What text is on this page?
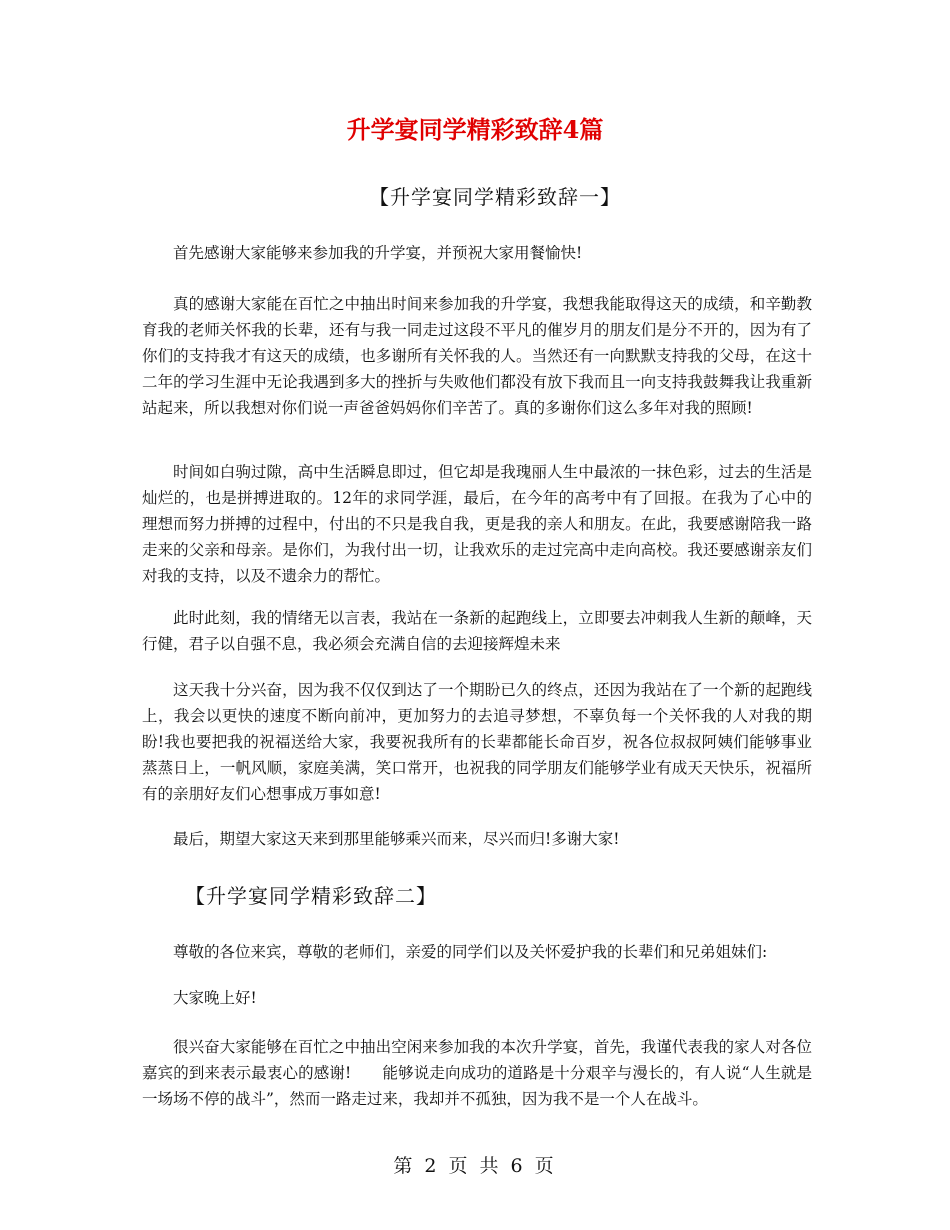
升学宴同学精彩致辞4篇
【升学宴同学精彩致辞一】

首先感谢大家能够来参加我的升学宴，并预祝大家用餐愉快!

真的感谢大家能在百忙之中抽出时间来参加我的升学宴，我想我能取得这天的成绩，和辛勤教育我的老师关怀我的长辈，还有与我一同走过这段不平凡的催岁月的朋友们是分不开的，因为有了你们的支持我才有这天的成绩，也多谢所有关怀我的人。当然还有一向默默支持我的父母，在这十二年的学习生涯中无论我遇到多大的挫折与失败他们都没有放下我而且一向支持我鼓舞我让我重新站起来，所以我想对你们说一声爸爸妈妈你们辛苦了。真的多谢你们这么多年对我的照顾!

时间如白驹过隙，高中生活瞬息即过，但它却是我瑰丽人生中最浓的一抹色彩，过去的生活是灿烂的，也是拼搏进取的。12年的求同学涯，最后，在今年的高考中有了回报。在我为了心中的理想而努力拼搏的过程中，付出的不只是我自我，更是我的亲人和朋友。在此，我要感谢陪我一路走来的父亲和母亲。是你们，为我付出一切，让我欢乐的走过完高中走向高校。我还要感谢亲友们对我的支持，以及不遗余力的帮忙。

此时此刻，我的情绪无以言表，我站在一条新的起跑线上，立即要去冲刺我人生新的颠峰，天行健，君子以自强不息，我必须会充满自信的去迎接辉煌未来

这天我十分兴奋，因为我不仅仅到达了一个期盼已久的终点，还因为我站在了一个新的起跑线上，我会以更快的速度不断向前冲，更加努力的去追寻梦想，不辜负每一个关怀我的人对我的期盼!我也要把我的祝福送给大家，我要祝我所有的长辈都能长命百岁，祝各位叔叔阿姨们能够事业蒸蒸日上，一帆风顺，家庭美满，笑口常开，也祝我的同学朋友们能够学业有成天天快乐，祝福所有的亲朋好友们心想事成万事如意!

最后，期望大家这天来到那里能够乘兴而来，尽兴而归!多谢大家!

【升学宴同学精彩致辞二】

尊敬的各位来宾，尊敬的老师们，亲爱的同学们以及关怀爱护我的长辈们和兄弟姐妹们:

大家晚上好!

很兴奋大家能够在百忙之中抽出空闲来参加我的本次升学宴，首先，我谨代表我的家人对各位嘉宾的到来表示最衷心的感谢!　　能够说走向成功的道路是十分艰辛与漫长的，有人说“人生就是一场场不停的战斗”，然而一路走过来，我却并不孤独，因为我不是一个人在战斗。

第 2 页 共 6 页
